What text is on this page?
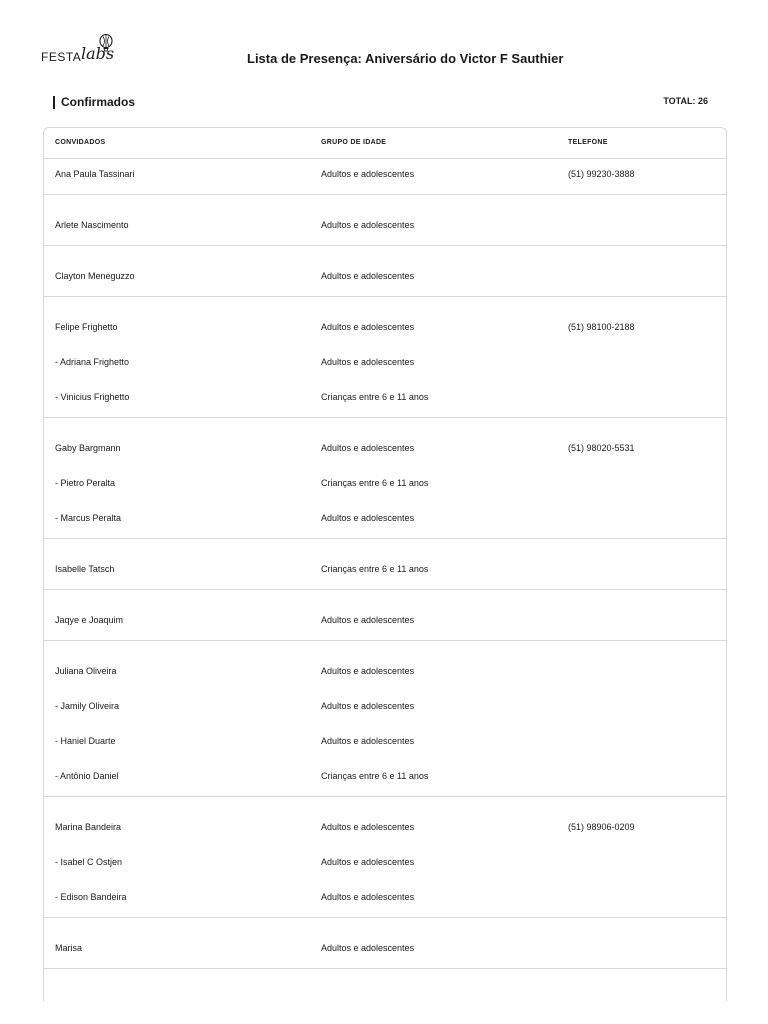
FESTA labs	Lista de Presença: Aniversário do Victor F Sauthier
Confirmados	TOTAL: 26
CONVIDADOS	GRUPO DE IDADE	TELEFONE
Ana Paula Tassinari	Adultos e adolescentes	(51) 99230-3888
Arlete Nascimento	Adultos e adolescentes
Clayton Meneguzzo	Adultos e adolescentes
Felipe Frighetto	Adultos e adolescentes	(51) 98100-2188
- Adriana Frighetto	Adultos e adolescentes
- Vinicius Frighetto	Crianças entre 6 e 11 anos
Gaby Bargmann	Adultos e adolescentes	(51) 98020-5531
- Pietro Peralta	Crianças entre 6 e 11 anos
- Marcus Peralta	Adultos e adolescentes
Isabelle Tatsch	Crianças entre 6 e 11 anos
Jaqye e Joaquim	Adultos e adolescentes
Juliana Oliveira	Adultos e adolescentes
- Jamily Oliveira	Adultos e adolescentes
- Haniel Duarte	Adultos e adolescentes
- Antônio Daniel	Crianças entre 6 e 11 anos
Marina Bandeira	Adultos e adolescentes	(51) 98906-0209
- Isabel C Ostjen	Adultos e adolescentes
- Edison Bandeira	Adultos e adolescentes
Marisa	Adultos e adolescentes
